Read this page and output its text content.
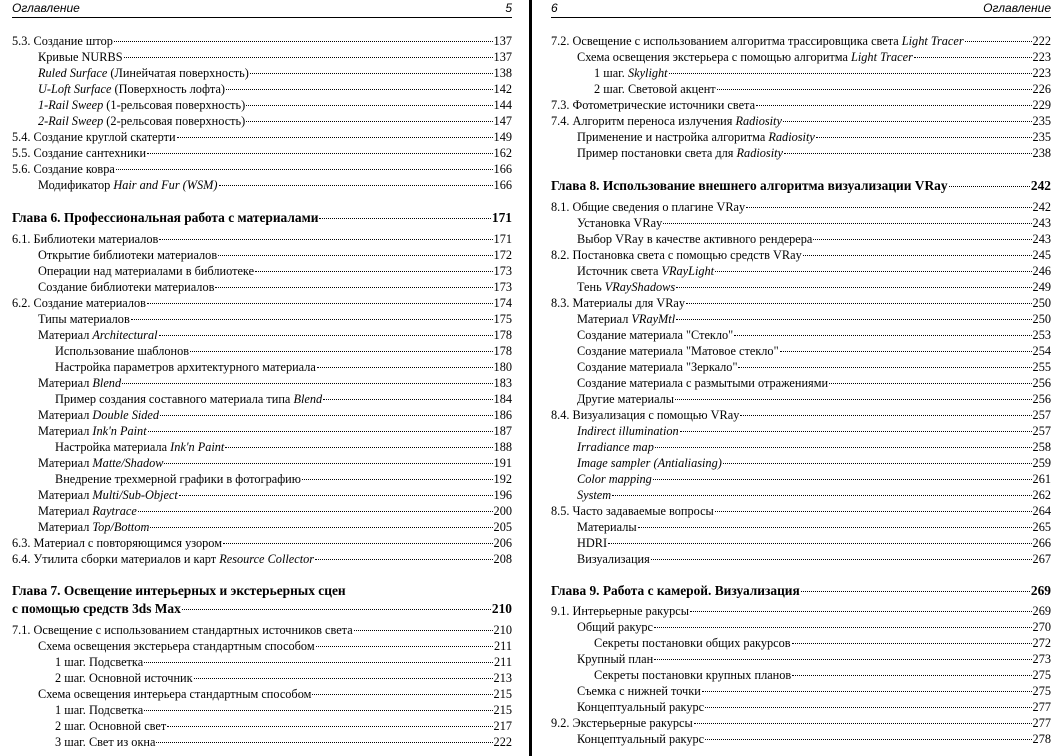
Оглавление	5
5.3. Создание штор	137
Кривые NURBS	137
Ruled Surface (Линейчатая поверхность)	138
U-Loft Surface (Поверхность лофта)	142
1-Rail Sweep (1-рельсовая поверхность)	144
2-Rail Sweep (2-рельсовая поверхность)	147
5.4. Создание круглой скатерти	149
5.5. Создание сантехники	162
5.6. Создание ковра	166
Модификатор Hair and Fur (WSM)	166
Глава 6. Профессиональная работа с материалами	171
6.1. Библиотеки материалов	171
Открытие библиотеки материалов	172
Операции над материалами в библиотеке	173
Создание библиотеки материалов	173
6.2. Создание материалов	174
Типы материалов	175
Материал Architectural	178
Использование шаблонов	178
Настройка параметров архитектурного материала	180
Материал Blend	183
Пример создания составного материала типа Blend	184
Материал Double Sided	186
Материал Ink'n Paint	187
Настройка материала Ink'n Paint	188
Материал Matte/Shadow	191
Внедрение трехмерной графики в фотографию	192
Материал Multi/Sub-Object	196
Материал Raytrace	200
Материал Top/Bottom	205
6.3. Материал с повторяющимся узором	206
6.4. Утилита сборки материалов и карт Resource Collector	208
Глава 7. Освещение интерьерных и экстерьерных сцен
с помощью средств 3ds Max	210
7.1. Освещение с использованием стандартных источников света	210
Схема освещения экстерьера стандартным способом	211
1 шаг. Подсветка	211
2 шаг. Основной источник	213
Схема освещения интерьера стандартным способом	215
1 шаг. Подсветка	215
2 шаг. Основной свет	217
3 шаг. Свет из окна	222
6	Оглавление
7.2. Освещение с использованием алгоритма трассировщика света Light Tracer	222
Схема освещения экстерьера с помощью алгоритма Light Tracer	223
1 шаг. Skylight	223
2 шаг. Световой акцент	226
7.3. Фотометрические источники света	229
7.4. Алгоритм переноса излучения Radiosity	235
Применение и настройка алгоритма Radiosity	235
Пример постановки света для Radiosity	238
Глава 8. Использование внешнего алгоритма визуализации VRay	242
8.1. Общие сведения о плагине VRay	242
Установка VRay	243
Выбор VRay в качестве активного рендерера	243
8.2. Постановка света с помощью средств VRay	245
Источник света VRayLight	246
Тень VRayShadows	249
8.3. Материалы для VRay	250
Материал VRayMtl	250
Создание материала "Стекло"	253
Создание материала "Матовое стекло"	254
Создание материала "Зеркало"	255
Создание материала с размытыми отражениями	256
Другие материалы	256
8.4. Визуализация с помощью VRay	257
Indirect illumination	257
Irradiance map	258
Image sampler (Antialiasing)	259
Color mapping	261
System	262
8.5. Часто задаваемые вопросы	264
Материалы	265
HDRI	266
Визуализация	267
Глава 9. Работа с камерой. Визуализация	269
9.1. Интерьерные ракурсы	269
Общий ракурс	270
Секреты постановки общих ракурсов	272
Крупный план	273
Секреты постановки крупных планов	275
Съемка с нижней точки	275
Концептуальный ракурс	277
9.2. Экстерьерные ракурсы	277
Концептуальный ракурс	278
